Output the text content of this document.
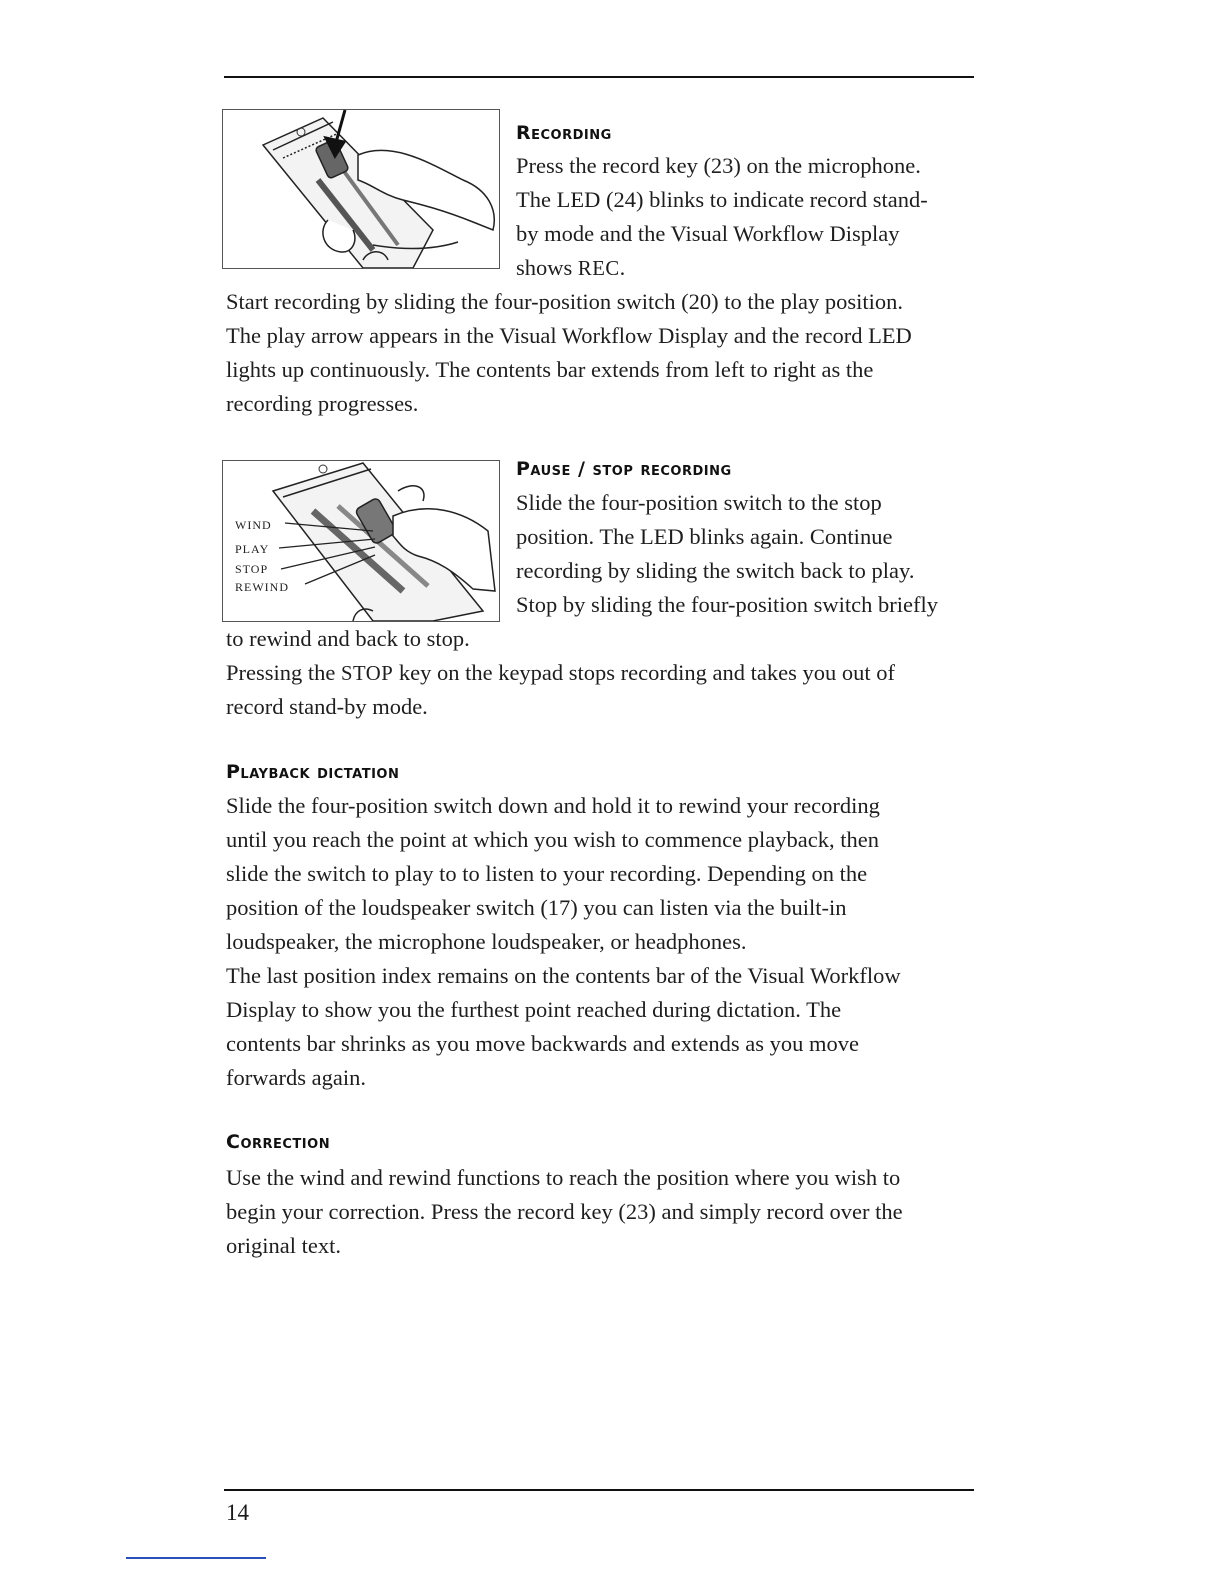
Recording

Press the record key (23) on the microphone.

The LED (24) blinks to indicate record stand-

by mode and the Visual Workflow Display

shows REC.

Start recording by sliding the four-position switch (20) to the play position.

The play arrow appears in the Visual Workflow Display and the record LED

lights up continuously. The contents bar extends from left to right as the

recording progresses.

WIND
PLAY
STOP
REWIND
Pause / stop recording

Slide the four-position switch to the stop

position. The LED blinks again. Continue

recording by sliding the switch back to play.

Stop by sliding the four-position switch briefly

to rewind and back to stop.

Pressing the STOP key on the keypad stops recording and takes you out of

record stand-by mode.

Playback dictation

Slide the four-position switch down and hold it to rewind your recording

until you reach the point at which you wish to commence playback, then

slide the switch to play to to listen to your recording. Depending on the

position of the loudspeaker switch (17) you can listen via the built-in

loudspeaker, the microphone loudspeaker, or headphones.

The last position index remains on the contents bar of the Visual Workflow

Display to show you the furthest point reached during dictation. The

contents bar shrinks as you move backwards and extends as you move

forwards again.

Correction

Use the wind and rewind functions to reach the position where you wish to

begin your correction. Press the record key (23) and simply record over the

original text.

14
